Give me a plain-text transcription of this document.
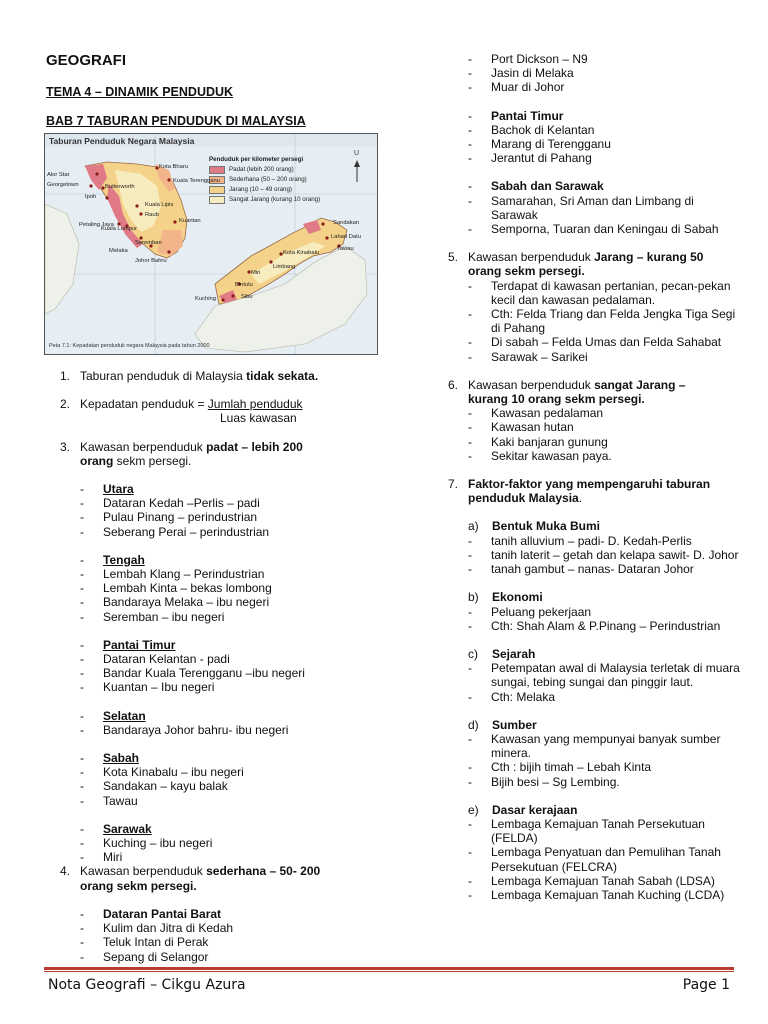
GEOGRAFI
TEMA 4 – DINAMIK PENDUDUK
BAB 7 TABURAN PENDUDUK DI MALAYSIA
Taburan Penduduk Negara Malaysia
U
Penduduk per kilometer persegi
Padat (lebih 200 orang)
Sederhana (50 – 200 orang)
Jarang (10 – 49 orang)
Sangat Jarang (kurang 10 orang)
Alor Star
Georgetown	Butterworth
Ipoh
Kota Bharu
Kuala Terengganu
Kuala Lipis
Raub
Kuantan
Petaling Jaya
Kuala Lumpur
Seremban
Melaka
Johor Bahru
Kota Kinabalu
Sandakan
Lahad Datu
Tawau
Limbang
Miri
Bintulu
Sibu
Kuching
Peta 7.1: Kepadatan penduduk negara Malaysia pada tahun 2000
1. Taburan penduduk di Malaysia tidak sekata.
2. Kepadatan penduduk = Jumlah penduduk
Luas kawasan
3. Kawasan berpenduduk padat – lebih 200
orang sekm persegi.
-	Utara
-	Dataran Kedah –Perlis – padi
-	Pulau Pinang – perindustrian
-	Seberang Perai – perindustrian
-	Tengah
-	Lembah Klang – Perindustrian
-	Lembah Kinta – bekas lombong
-	Bandaraya Melaka – ibu negeri
-	Seremban – ibu negeri
-	Pantai Timur
-	Dataran Kelantan - padi
-	Bandar Kuala Terengganu –ibu negeri
-	Kuantan – Ibu negeri
-	Selatan
-	Bandaraya Johor bahru- ibu negeri
-	Sabah
-	Kota Kinabalu – ibu negeri
-	Sandakan – kayu balak
-	Tawau
-	Sarawak
-	Kuching – ibu negeri
-	Miri
4. Kawasan berpenduduk sederhana – 50- 200
orang sekm persegi.
-	Dataran Pantai Barat
-	Kulim dan Jitra di Kedah
-	Teluk Intan di Perak
-	Sepang di Selangor
-	Port Dickson – N9
-	Jasin di Melaka
-	Muar di Johor
-	Pantai Timur
-	Bachok di Kelantan
-	Marang di Terengganu
-	Jerantut di Pahang
-	Sabah dan Sarawak
-	Samarahan, Sri Aman dan Limbang di Sarawak
-	Semporna, Tuaran dan Keningau di Sabah
5. Kawasan berpenduduk Jarang – kurang 50
orang sekm persegi.
-	Terdapat di kawasan pertanian, pecan-pekan kecil dan kawasan pedalaman.
-	Cth: Felda Triang dan Felda Jengka Tiga Segi di Pahang
-	Di sabah – Felda Umas dan Felda Sahabat
-	Sarawak – Sarikei
6. Kawasan berpenduduk sangat Jarang –
kurang 10 orang sekm persegi.
-	Kawasan pedalaman
-	Kawasan hutan
-	Kaki banjaran gunung
-	Sekitar kawasan paya.
7. Faktor-faktor yang mempengaruhi taburan
penduduk Malaysia.
a)	Bentuk Muka Bumi
-	tanih alluvium – padi- D. Kedah-Perlis
-	tanih laterit – getah dan kelapa sawit- D. Johor
-	tanah gambut – nanas- Dataran Johor
b)	Ekonomi
-	Peluang pekerjaan
-	Cth: Shah Alam & P.Pinang – Perindustrian
c)	Sejarah
-	Petempatan awal di Malaysia terletak di muara sungai, tebing sungai dan pinggir laut.
-	Cth: Melaka
d)	Sumber
-	Kawasan yang mempunyai banyak sumber minera.
-	Cth : bijih timah – Lebah Kinta
-	Bijih besi – Sg Lembing.
e)	Dasar kerajaan
-	Lembaga Kemajuan Tanah Persekutuan (FELDA)
-	Lembaga Penyatuan dan Pemulihan Tanah Persekutuan (FELCRA)
-	Lembaga Kemajuan Tanah Sabah (LDSA)
-	Lembaga Kemajuan Tanah Kuching (LCDA)
Nota Geografi – Cikgu Azura	Page 1
